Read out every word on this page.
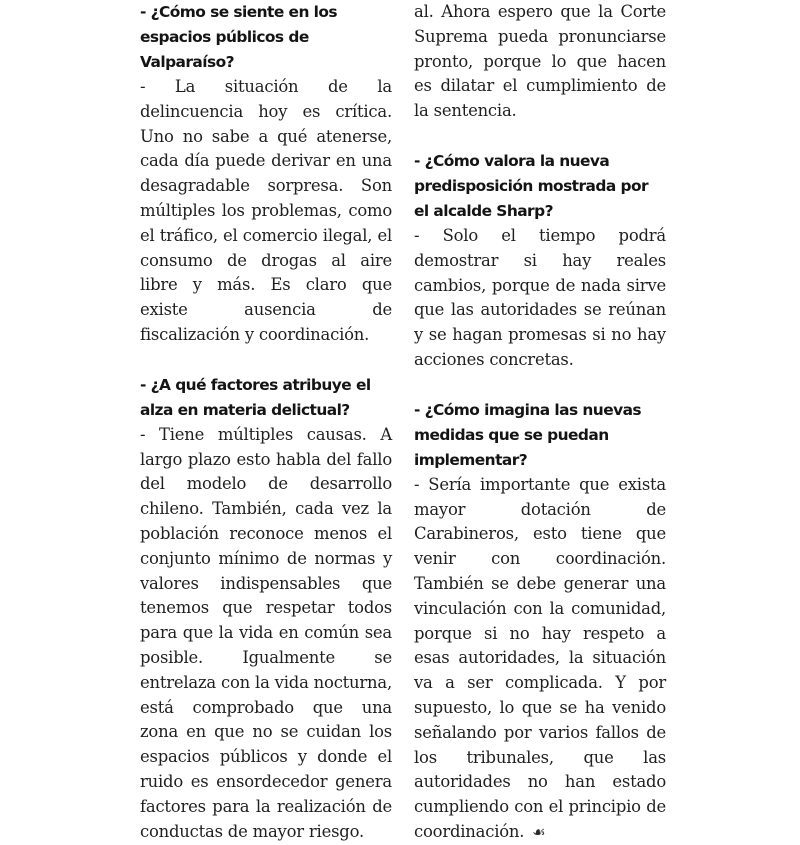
- ¿Cómo se siente en los espacios públicos de Valparaíso?

- La situación de la delincuencia hoy es crítica. Uno no sabe a qué atenerse, cada día puede derivar en una desagradable sorpresa. Son múltiples los problemas, como el tráfico, el comercio ilegal, el consumo de drogas al aire libre y más. Es claro que existe ausencia de fiscalización y coordinación.

- ¿A qué factores atribuye el alza en materia delictual?

- Tiene múltiples causas. A largo plazo esto habla del fallo del modelo de desarrollo chileno. También, cada vez la población reconoce menos el conjunto mínimo de normas y valores indispensables que tenemos que respetar todos para que la vida en común sea posible. Igualmente se entrelaza con la vida nocturna, está comprobado que una zona en que no se cuidan los espacios públicos y donde el ruido es ensordecedor genera factores para la realización de conductas de mayor riesgo.

al. Ahora espero que la Corte Suprema pueda pronunciarse pronto, porque lo que hacen es dilatar el cumplimiento de la sentencia.

- ¿Cómo valora la nueva predisposición mostrada por el alcalde Sharp?

- Solo el tiempo podrá demostrar si hay reales cambios, porque de nada sirve que las autoridades se reúnan y se hagan promesas si no hay acciones concretas.

- ¿Cómo imagina las nuevas medidas que se puedan implementar?

- Sería importante que exista mayor dotación de Carabineros, esto tiene que venir con coordinación. También se debe generar una vinculación con la comunidad, porque si no hay respeto a esas autoridades, la situación va a ser complicada. Y por supuesto, lo que se ha venido señalando por varios fallos de los tribunales, que las autoridades no han estado cumpliendo con el principio de coordinación. ☙
